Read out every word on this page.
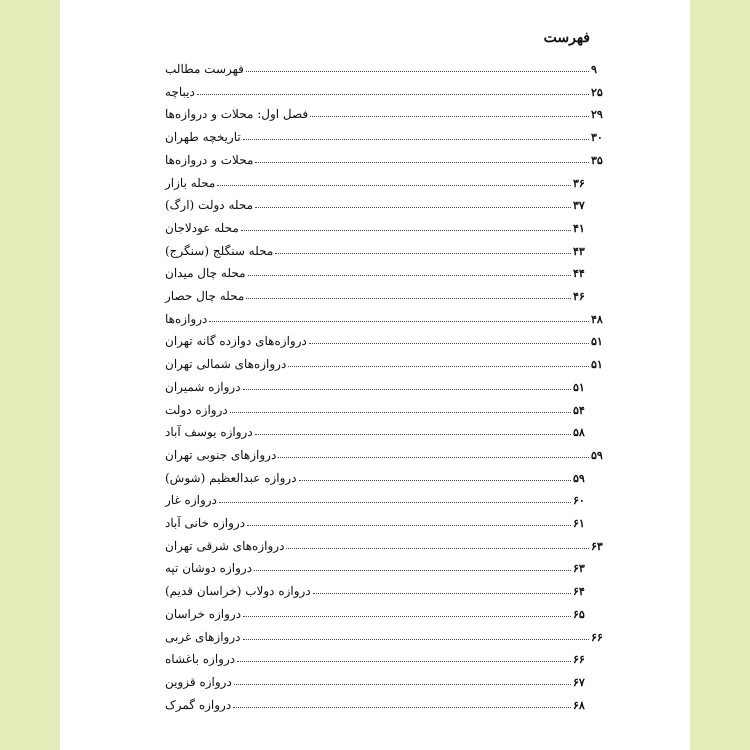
فهرست
فهرست مطالب	۹
دیباچه	۲۵
فصل اول: محلات و دروازه‌ها	۲۹
تاریخچه طهران	۳۰
محلات و دروازه‌ها	۳۵
محله بازار	۳۶
محله دولت (ارگ)	۳۷
محله عودلاجان	۴۱
محله سنگلج (سنگرج)	۴۳
محله چال میدان	۴۴
محله چال حصار	۴۶
دروازه‌ها	۴۸
دروازه‌های دوازده گانه تهران	۵۱
دروازه‌های شمالی تهران	۵۱
دروازه شمیران	۵۱
دروازه دولت	۵۴
دروازه یوسف آباد	۵۸
دروازهای جنوبی تهران	۵۹
دروازه عبدالعظیم (شوش)	۵۹
دروازه غار	۶۰
دروازه خانی آباد	۶۱
دروازه‌های شرقی تهران	۶۳
دروازه دوشان تپه	۶۳
دروازه دولاب (خراسان قدیم)	۶۴
دروازه خراسان	۶۵
دروازهای غربی	۶۶
دروازه باغشاه	۶۶
دروازه قزوین	۶۷
دروازه گمرک	۶۸
